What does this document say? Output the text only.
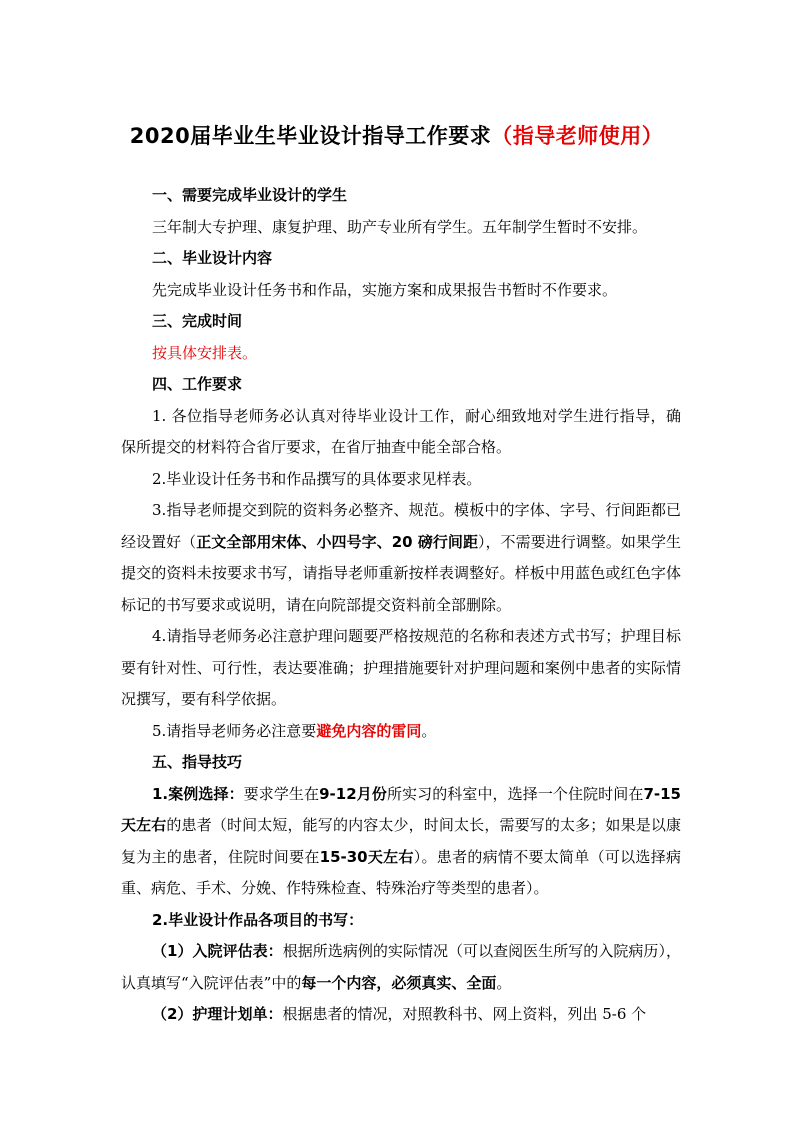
2020届毕业生毕业设计指导工作要求（指导老师使用）

一、需要完成毕业设计的学生

三年制大专护理、康复护理、助产专业所有学生。五年制学生暂时不安排。

二、毕业设计内容

先完成毕业设计任务书和作品，实施方案和成果报告书暂时不作要求。

三、完成时间

按具体安排表。

四、工作要求

1. 各位指导老师务必认真对待毕业设计工作，耐心细致地对学生进行指导，确保所提交的材料符合省厅要求，在省厅抽查中能全部合格。

2.毕业设计任务书和作品撰写的具体要求见样表。

3.指导老师提交到院的资料务必整齐、规范。模板中的字体、字号、行间距都已经设置好（正文全部用宋体、小四号字、20 磅行间距），不需要进行调整。如果学生提交的资料未按要求书写，请指导老师重新按样表调整好。样板中用蓝色或红色字体标记的书写要求或说明，请在向院部提交资料前全部删除。

4.请指导老师务必注意护理问题要严格按规范的名称和表述方式书写；护理目标要有针对性、可行性，表达要准确；护理措施要针对护理问题和案例中患者的实际情况撰写，要有科学依据。

5.请指导老师务必注意要避免内容的雷同。

五、指导技巧

1.案例选择：要求学生在9-12月份所实习的科室中，选择一个住院时间在7-15 天左右的患者（时间太短，能写的内容太少，时间太长，需要写的太多；如果是以康复为主的患者，住院时间要在15-30天左右）。患者的病情不要太简单（可以选择病重、病危、手术、分娩、作特殊检查、特殊治疗等类型的患者）。

2.毕业设计作品各项目的书写：

（1）入院评估表：根据所选病例的实际情况（可以查阅医生所写的入院病历），认真填写“入院评估表”中的每一个内容，必须真实、全面。

（2）护理计划单：根据患者的情况，对照教科书、网上资料，列出 5-6 个
